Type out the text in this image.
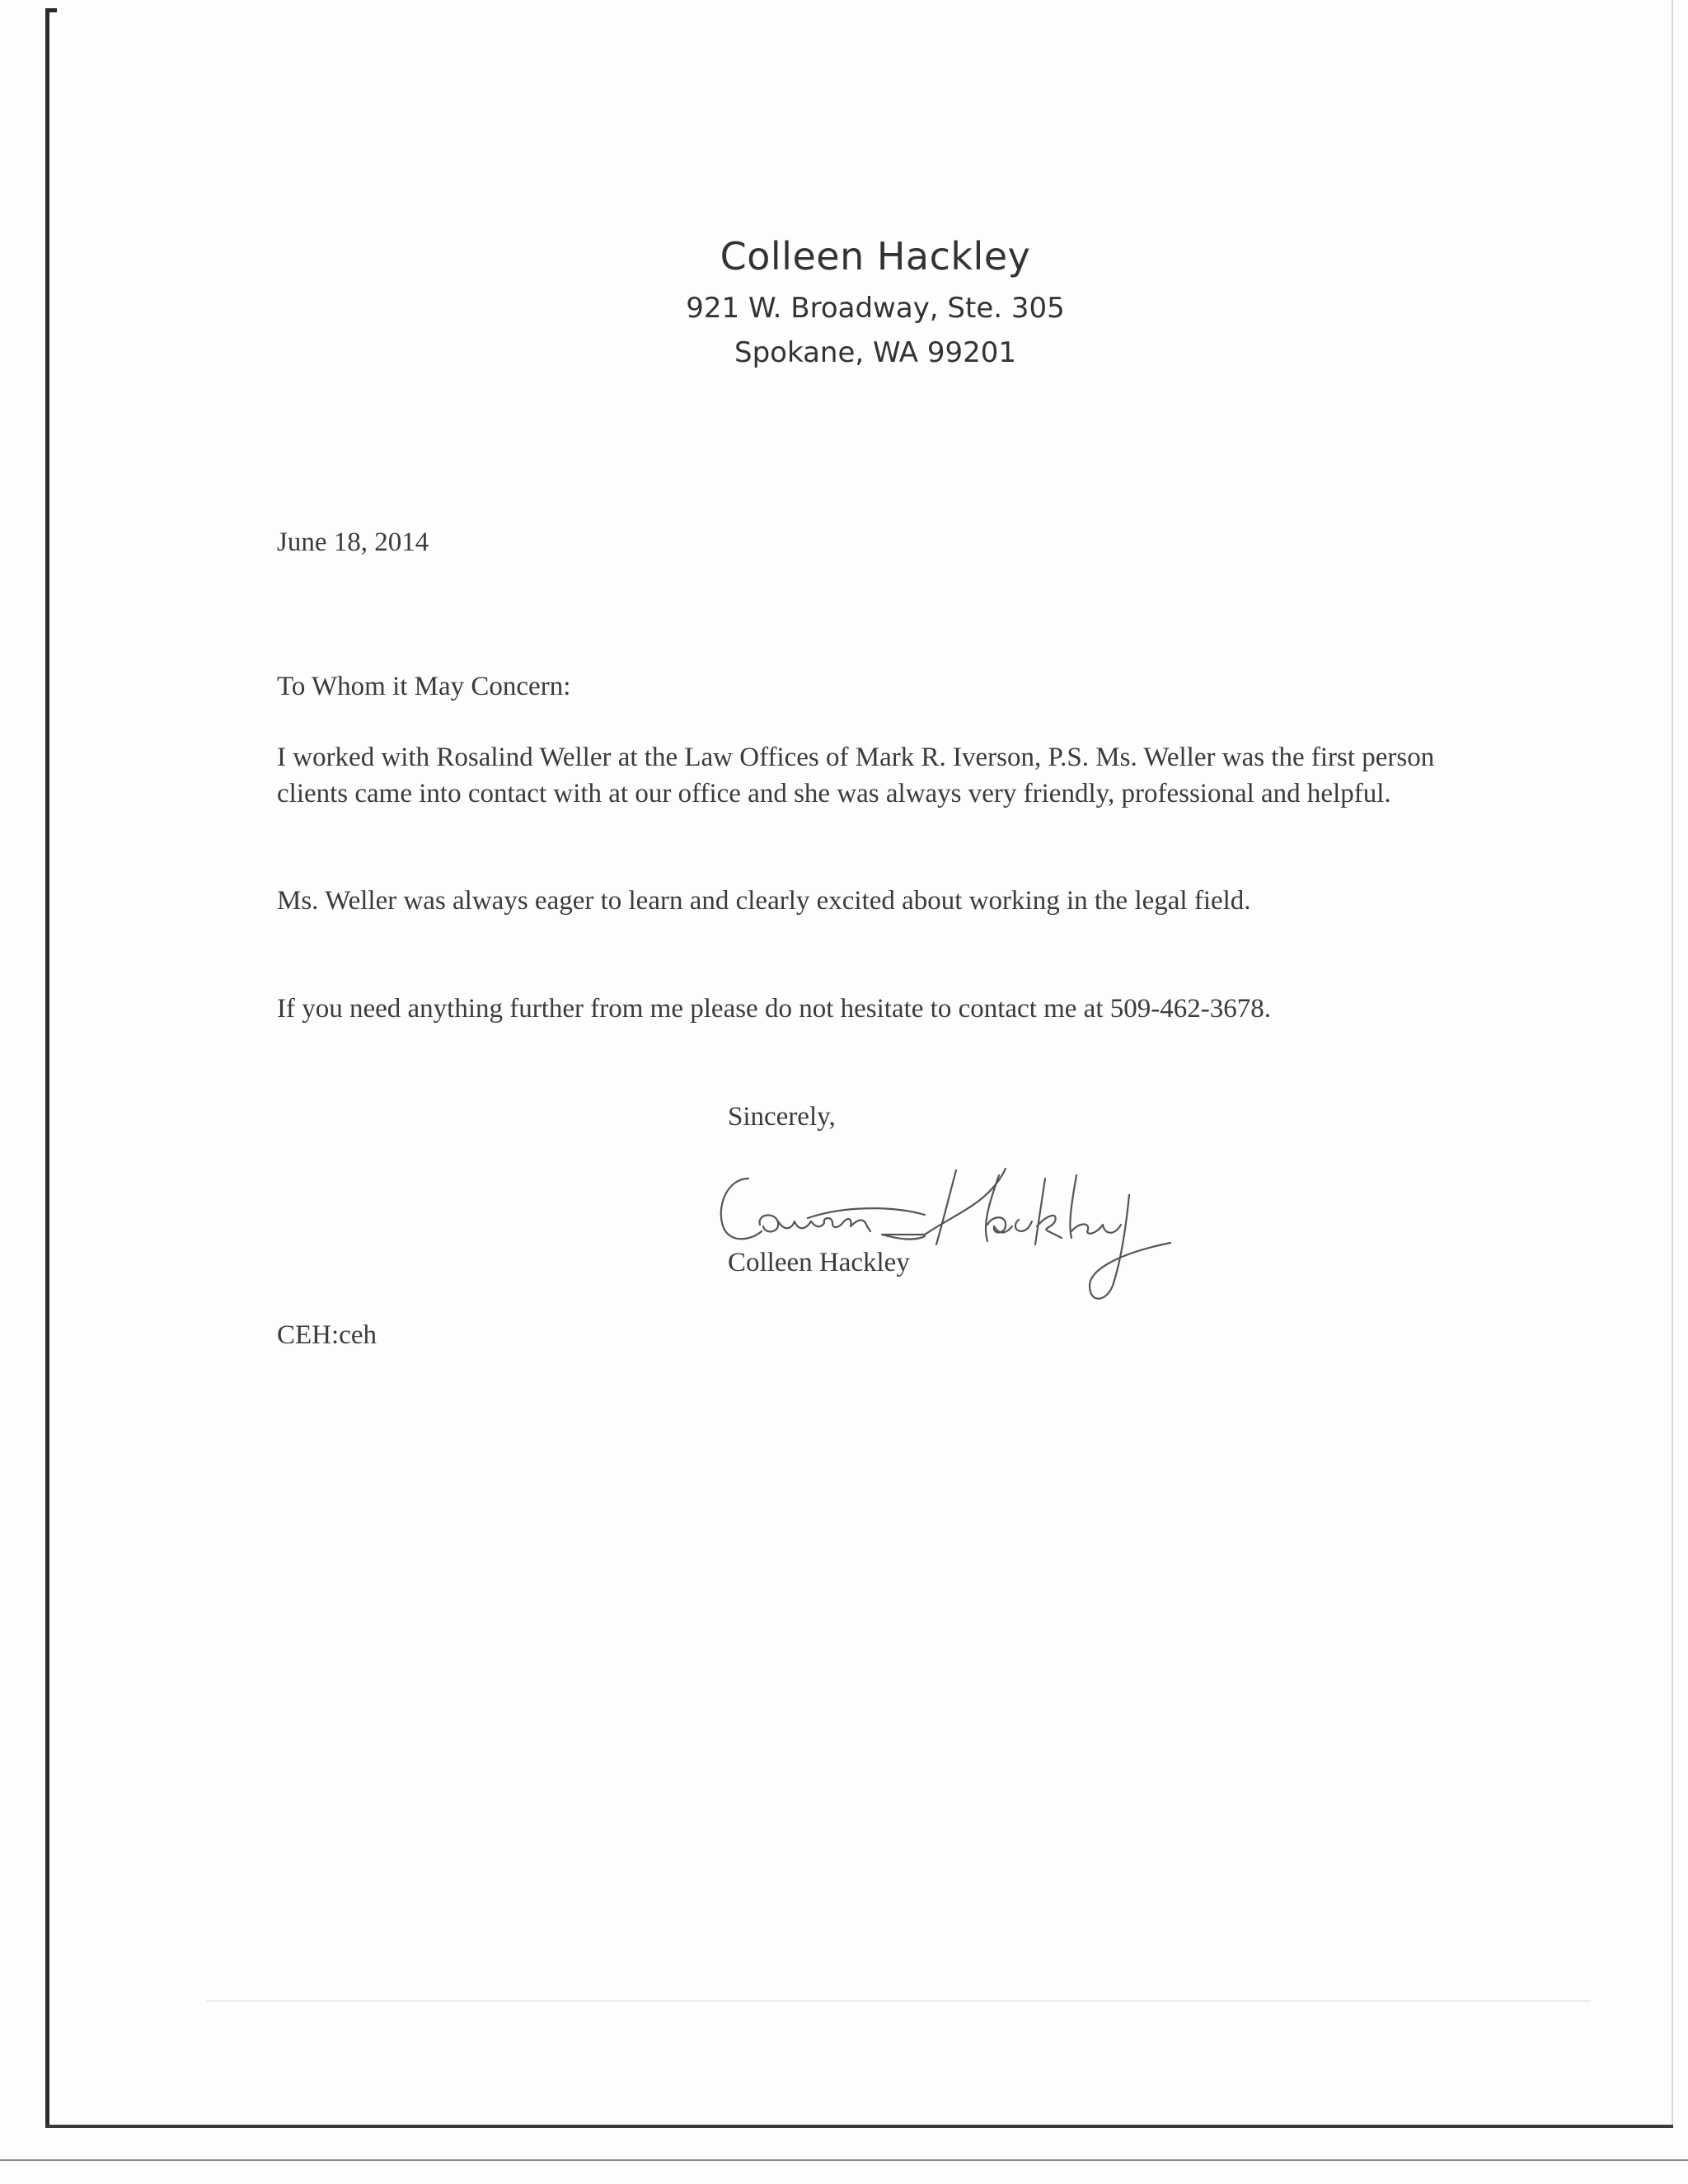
Colleen Hackley
921 W. Broadway, Ste. 305
Spokane, WA 99201
June 18, 2014
To Whom it May Concern:
I worked with Rosalind Weller at the Law Offices of Mark R. Iverson, P.S. Ms. Weller was the first person clients came into contact with at our office and she was always very friendly, professional and helpful.
Ms. Weller was always eager to learn and clearly excited about working in the legal field.
If you need anything further from me please do not hesitate to contact me at 509-462-3678.
Sincerely,
Colleen Hackley
CEH:ceh
